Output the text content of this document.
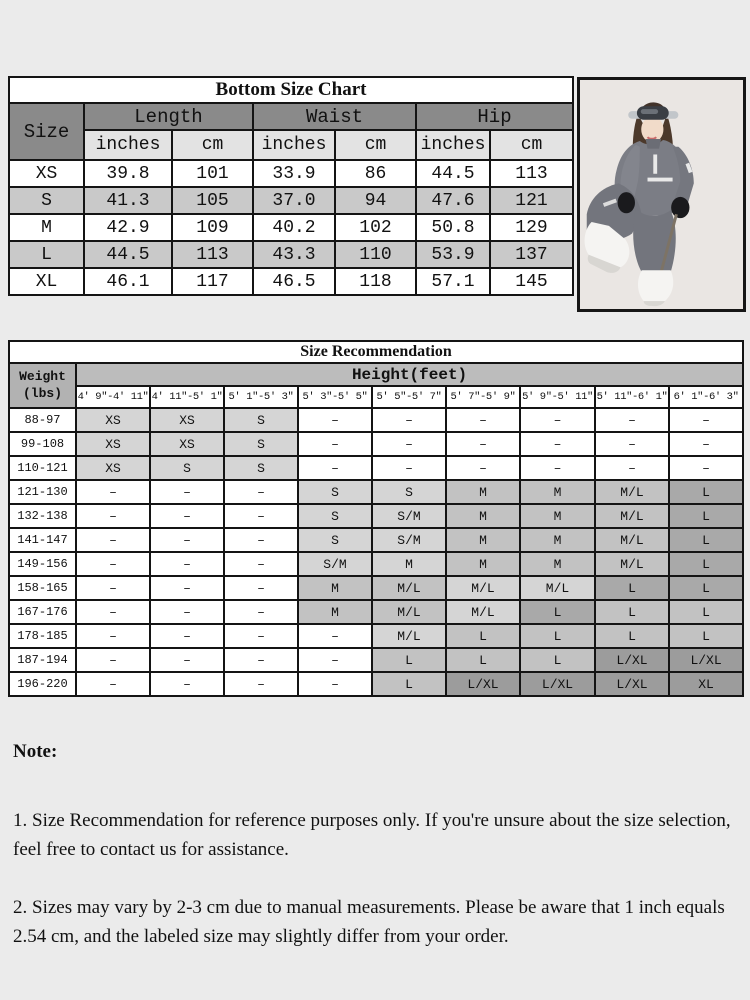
Bottom Size Chart						
Size	Length		Waist		Hip	
	inches	cm	inches	cm	inches	cm
XS	39.8	101	33.9	86	44.5	113
S	41.3	105	37.0	94	47.6	121
M	42.9	109	40.2	102	50.8	129
L	44.5	113	43.3	110	53.9	137
XL	46.1	117	46.5	118	57.1	145
Size Recommendation									

Weight
(lbs)	Height(feet)								
	4' 9"-4' 11"	4' 11"-5' 1"	5' 1"-5' 3"	5' 3"-5' 5"	5' 5"-5' 7"	5' 7"-5' 9"	5' 9"-5' 11"	5' 11"-6' 1"	6' 1"-6' 3"
88-97	XS	XS	S	–	–	–	–	–	–
99-108	XS	XS	S	–	–	–	–	–	–
110-121	XS	S	S	–	–	–	–	–	–
121-130	–	–	–	S	S	M	M	M/L	L
132-138	–	–	–	S	S/M	M	M	M/L	L
141-147	–	–	–	S	S/M	M	M	M/L	L
149-156	–	–	–	S/M	M	M	M	M/L	L
158-165	–	–	–	M	M/L	M/L	M/L	L	L
167-176	–	–	–	M	M/L	M/L	L	L	L
178-185	–	–	–	–	M/L	L	L	L	L
187-194	–	–	–	–	L	L	L	L/XL	L/XL
196-220	–	–	–	–	L	L/XL	L/XL	L/XL	XL

Note:

1. Size Recommendation for reference purposes only. If you're unsure about the size selection, feel free to contact us for assistance.

2. Sizes may vary by 2-3 cm due to manual measurements. Please be aware that 1 inch equals 2.54 cm, and the labeled size may slightly differ from your order.
